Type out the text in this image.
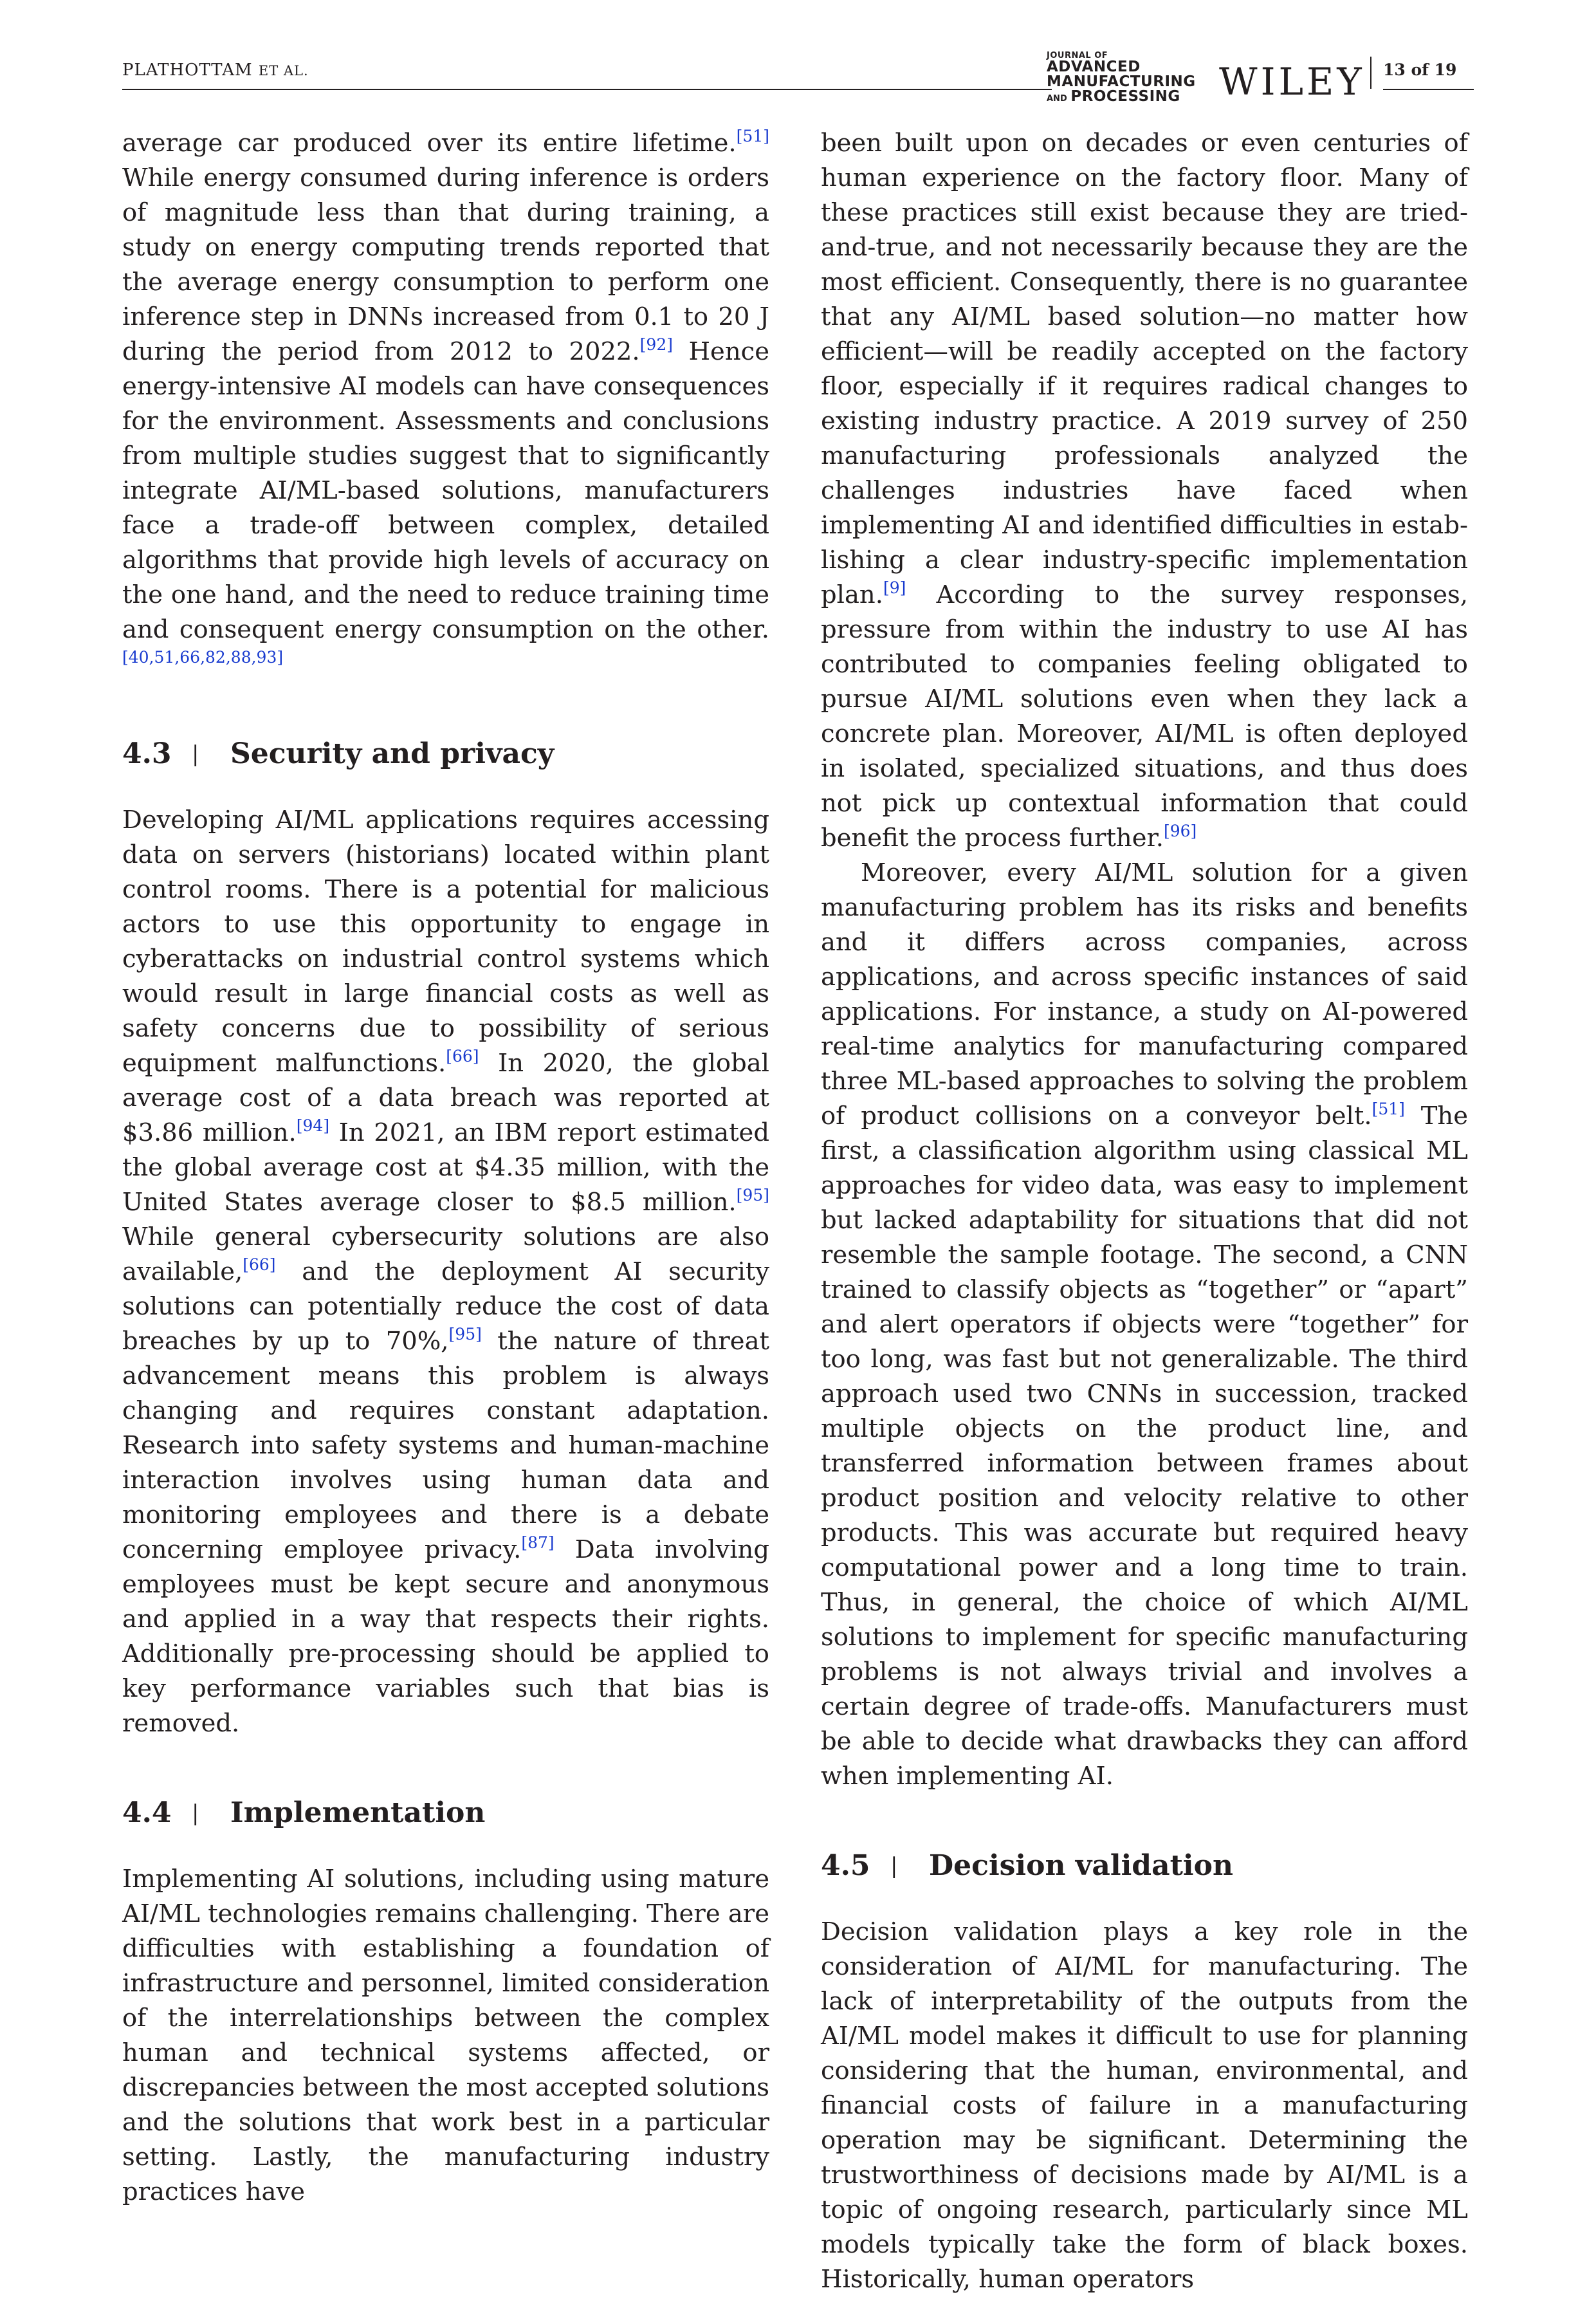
PLATHOTTAM ET AL.
JOURNAL OF
ADVANCED
MANUFACTURING
AND PROCESSING WILEY 13 of 19

average car produced over its entire lifetime.[51] While energy consumed during inference is orders of magnitude less than that during training, a study on energy computing trends reported that the average energy consumption to perform one inference step in DNNs increased from 0.1 to 20 J during the period from 2012 to 2022.[92] Hence energy-intensive AI models can have consequences for the environment. Assessments and conclusions from multiple studies suggest that to significantly integrate AI/ML-based solutions, manufacturers face a trade-off between complex, detailed algorithms that provide high levels of accuracy on the one hand, and the need to reduce training time and consequent energy consumption on the other.[40,51,66,82,88,93]

4.3 |	Security and privacy

Developing AI/ML applications requires accessing data on servers (historians) located within plant control rooms. There is a potential for malicious actors to use this opportunity to engage in cyberattacks on industrial control systems which would result in large financial costs as well as safety concerns due to possibility of serious equipment malfunctions.[66] In 2020, the global average cost of a data breach was reported at $3.86 million.[94] In 2021, an IBM report estimated the global average cost at $4.35 million, with the United States average closer to $8.5 million.[95] While general cybersecurity solutions are also available,[66] and the deployment AI security solutions can potentially reduce the cost of data breaches by up to 70%,[95] the nature of threat advancement means this problem is always changing and requires constant adaptation. Research into safety systems and human-machine interaction involves using human data and monitoring employees and there is a debate concerning employee privacy.[87] Data involving employees must be kept secure and anonymous and applied in a way that respects their rights. Additionally pre-processing should be applied to key performance variables such that bias is removed.

4.4 |	Implementation

Implementing AI solutions, including using mature AI/ML technologies remains challenging. There are difficulties with establishing a foundation of infrastructure and personnel, limited consideration of the interrelationships between the complex human and technical systems affected, or discrepancies between the most accepted solutions and the solutions that work best in a particular setting. Lastly, the manufacturing industry practices have

been built upon on decades or even centuries of human experience on the factory floor. Many of these practices still exist because they are tried-and-true, and not necessarily because they are the most efficient. Consequently, there is no guarantee that any AI/ML based solution—no matter how efficient—will be readily accepted on the factory floor, especially if it requires radical changes to existing industry practice. A 2019 survey of 250 manufacturing professionals analyzed the challenges industries have faced when implementing AI and identified difficulties in establishing a clear industry-specific implementation plan.[9] According to the survey responses, pressure from within the industry to use AI has contributed to companies feeling obligated to pursue AI/ML solutions even when they lack a concrete plan. Moreover, AI/ML is often deployed in isolated, specialized situations, and thus does not pick up contextual information that could benefit the process further.[96]

Moreover, every AI/ML solution for a given manufacturing problem has its risks and benefits and it differs across companies, across applications, and across specific instances of said applications. For instance, a study on AI-powered real-time analytics for manufacturing compared three ML-based approaches to solving the problem of product collisions on a conveyor belt.[51] The first, a classification algorithm using classical ML approaches for video data, was easy to implement but lacked adaptability for situations that did not resemble the sample footage. The second, a CNN trained to classify objects as “together” or “apart” and alert operators if objects were “together” for too long, was fast but not generalizable. The third approach used two CNNs in succession, tracked multiple objects on the product line, and transferred information between frames about product position and velocity relative to other products. This was accurate but required heavy computational power and a long time to train. Thus, in general, the choice of which AI/ML solutions to implement for specific manufacturing problems is not always trivial and involves a certain degree of trade-offs. Manufacturers must be able to decide what drawbacks they can afford when implementing AI.

4.5 |	Decision validation

Decision validation plays a key role in the consideration of AI/ML for manufacturing. The lack of interpretability of the outputs from the AI/ML model makes it difficult to use for planning considering that the human, environmental, and financial costs of failure in a manufacturing operation may be significant. Determining the trustworthiness of decisions made by AI/ML is a topic of ongoing research, particularly since ML models typically take the form of black boxes. Historically, human operators
